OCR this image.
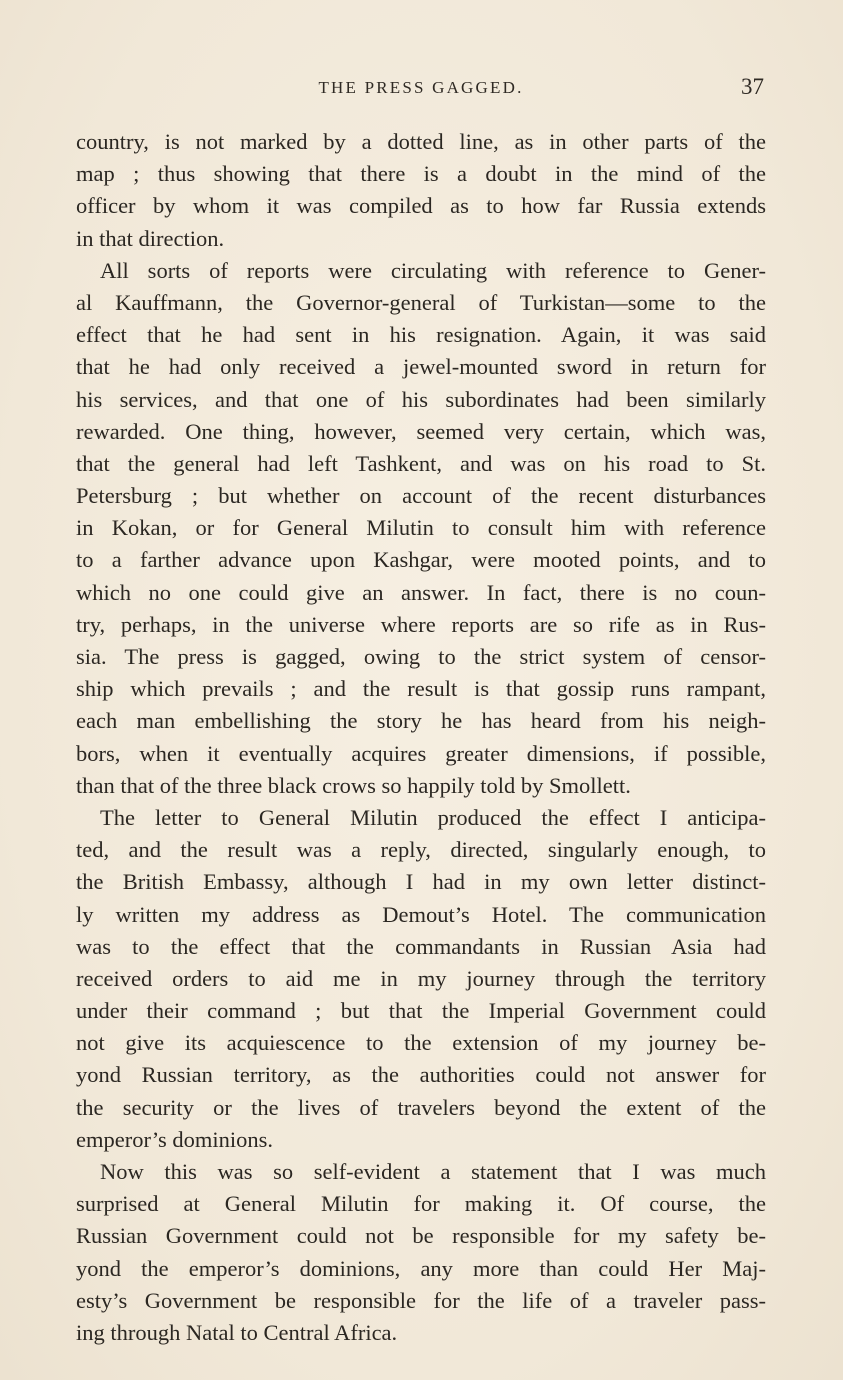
THE PRESS GAGGED.	37
country, is not marked by a dotted line, as in other parts of the
map ; thus showing that there is a doubt in the mind of the
officer by whom it was compiled as to how far Russia extends
in that direction.
All sorts of reports were circulating with reference to Gener-
al Kauffmann, the Governor-general of Turkistan—some to the
effect that he had sent in his resignation. Again, it was said
that he had only received a jewel-mounted sword in return for
his services, and that one of his subordinates had been similarly
rewarded. One thing, however, seemed very certain, which was,
that the general had left Tashkent, and was on his road to St.
Petersburg ; but whether on account of the recent disturbances
in Kokan, or for General Milutin to consult him with reference
to a farther advance upon Kashgar, were mooted points, and to
which no one could give an answer. In fact, there is no coun-
try, perhaps, in the universe where reports are so rife as in Rus-
sia. The press is gagged, owing to the strict system of censor-
ship which prevails ; and the result is that gossip runs rampant,
each man embellishing the story he has heard from his neigh-
bors, when it eventually acquires greater dimensions, if possible,
than that of the three black crows so happily told by Smollett.
The letter to General Milutin produced the effect I anticipa-
ted, and the result was a reply, directed, singularly enough, to
the British Embassy, although I had in my own letter distinct-
ly written my address as Demout’s Hotel. The communication
was to the effect that the commandants in Russian Asia had
received orders to aid me in my journey through the territory
under their command ; but that the Imperial Government could
not give its acquiescence to the extension of my journey be-
yond Russian territory, as the authorities could not answer for
the security or the lives of travelers beyond the extent of the
emperor’s dominions.
Now this was so self-evident a statement that I was much
surprised at General Milutin for making it. Of course, the
Russian Government could not be responsible for my safety be-
yond the emperor’s dominions, any more than could Her Maj-
esty’s Government be responsible for the life of a traveler pass-
ing through Natal to Central Africa.
